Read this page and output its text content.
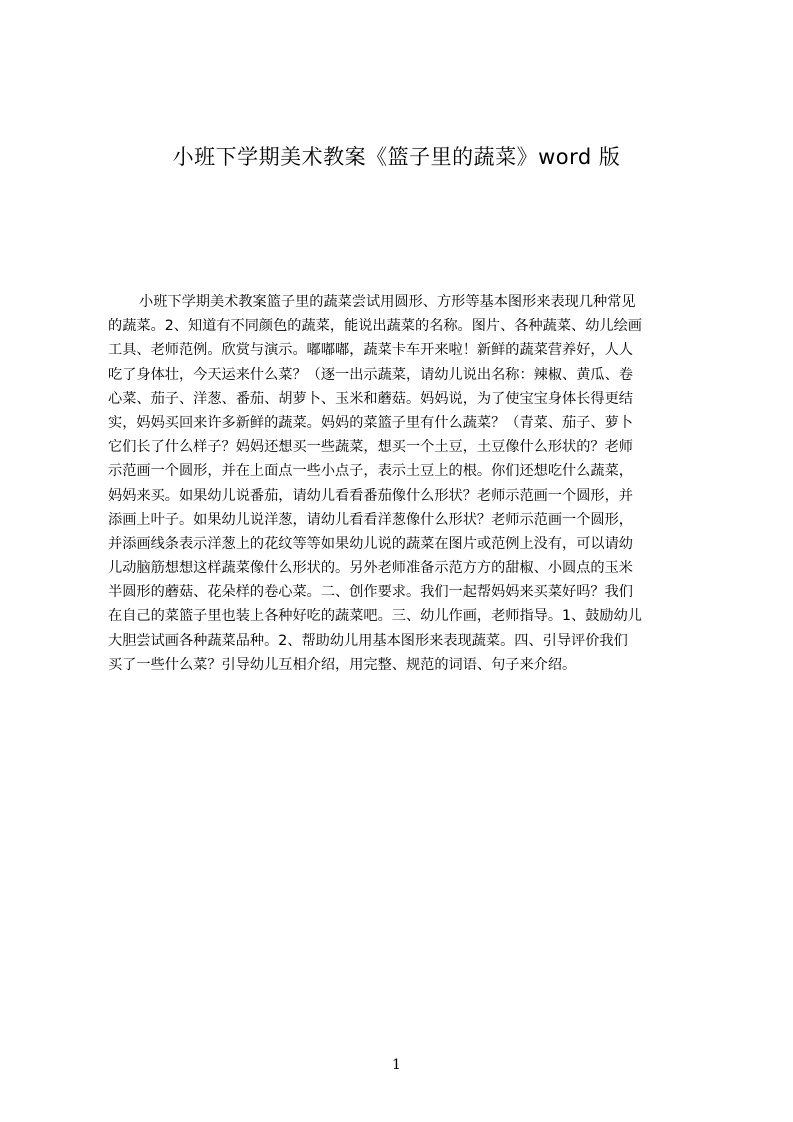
小班下学期美术教案《篮子里的蔬菜》word 版
小班下学期美术教案篮子里的蔬菜尝试用圆形、方形等基本图形来表现几种常见
的蔬菜。2、知道有不同颜色的蔬菜，能说出蔬菜的名称。图片、各种蔬菜、幼儿绘画
工具、老师范例。欣赏与演示。嘟嘟嘟，蔬菜卡车开来啦！新鲜的蔬菜营养好，人人
吃了身体壮，今天运来什么菜？（逐一出示蔬菜，请幼儿说出名称：辣椒、黄瓜、卷
心菜、茄子、洋葱、番茄、胡萝卜、玉米和蘑菇。妈妈说，为了使宝宝身体长得更结
实，妈妈买回来许多新鲜的蔬菜。妈妈的菜篮子里有什么蔬菜？（青菜、茄子、萝卜
它们长了什么样子？妈妈还想买一些蔬菜，想买一个土豆，土豆像什么形状的？老师
示范画一个圆形，并在上面点一些小点子，表示土豆上的根。你们还想吃什么蔬菜，
妈妈来买。如果幼儿说番茄，请幼儿看看番茄像什么形状？老师示范画一个圆形，并
添画上叶子。如果幼儿说洋葱，请幼儿看看洋葱像什么形状？老师示范画一个圆形，
并添画线条表示洋葱上的花纹等等如果幼儿说的蔬菜在图片或范例上没有，可以请幼
儿动脑筋想想这样蔬菜像什么形状的。另外老师准备示范方方的甜椒、小圆点的玉米
半圆形的蘑菇、花朵样的卷心菜。二、创作要求。我们一起帮妈妈来买菜好吗？我们
在自己的菜篮子里也装上各种好吃的蔬菜吧。三、幼儿作画，老师指导。1、鼓励幼儿
大胆尝试画各种蔬菜品种。2、帮助幼儿用基本图形来表现蔬菜。四、引导评价我们
买了一些什么菜？引导幼儿互相介绍，用完整、规范的词语、句子来介绍。
1
